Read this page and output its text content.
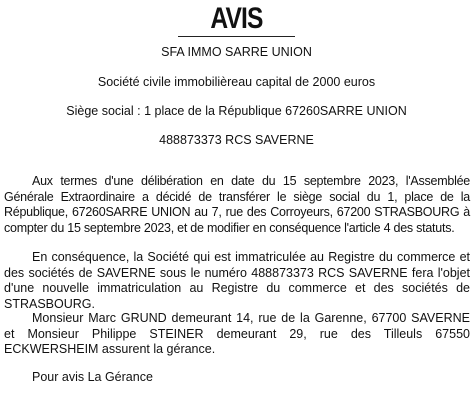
AVIS
SFA IMMO SARRE UNION
Société civile immobilièreau capital de 2000 euros
Siège social : 1 place de la République 67260SARRE UNION
488873373 RCS SAVERNE

Aux termes d'une délibération en date du 15 septembre 2023, l'Assemblée Générale Extraordinaire a décidé de transférer le siège social du 1, place de la République, 67260SARRE UNION au 7, rue des Corroyeurs, 67200 STRASBOURG à compter du 15 septembre 2023, et de modifier en conséquence l'article 4 des statuts.

En conséquence, la Société qui est immatriculée au Registre du commerce et des sociétés de SAVERNE sous le numéro 488873373 RCS SAVERNE fera l'objet d'une nouvelle immatriculation au Registre du commerce et des sociétés de STRASBOURG.

Monsieur Marc GRUND demeurant 14, rue de la Garenne, 67700 SAVERNE et Monsieur Philippe STEINER demeurant 29, rue des Tilleuls 67550 ECKWERSHEIM assurent la gérance.

Pour avis La Gérance
